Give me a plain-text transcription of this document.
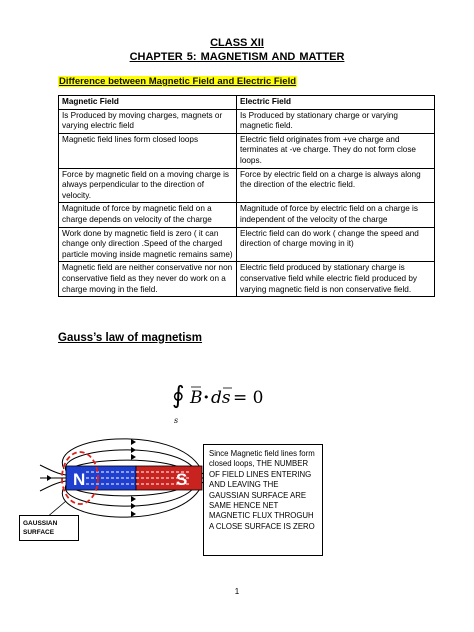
CLASS XII
CHAPTER 5: MAGNETISM AND MATTER
Difference between Magnetic Field and Electric Field
Magnetic Field	Electric Field
Is Produced by moving charges, magnets or varying electric field	Is Produced by stationary charge or varying magnetic field.
Magnetic field lines form closed loops	Electric field originates from +ve charge and terminates at -ve charge. They do not form close loops.
Force by magnetic field on a moving charge is always perpendicular to the direction of velocity.	Force by electric field on a charge is always along the direction of the electric field.
Magnitude of force by magnetic field on a charge depends on velocity of the charge	Magnitude of force by electric field on a charge is independent of the velocity of the charge
Work done by magnetic field is zero ( it can change only direction .Speed of the charged particle moving inside magnetic remains same)	Electric field can do work ( change the speed and direction of charge moving in it)
Magnetic field are neither conservative nor non conservative field as they never do work on a charge moving in the field.	Electric field produced by stationary charge is conservative field while electric field produced by varying magnetic field is non conservative field.
Gauss’s law of magnetism
∮
s
B • ds = 0
N	S
GAUSSIAN SURFACE
Since Magnetic field lines form closed loops, THE NUMBER OF FIELD LINES ENTERING AND LEAVING THE GAUSSIAN SURFACE ARE SAME HENCE NET MAGNETIC FLUX THROGUH A CLOSE SURFACE IS ZERO
1
